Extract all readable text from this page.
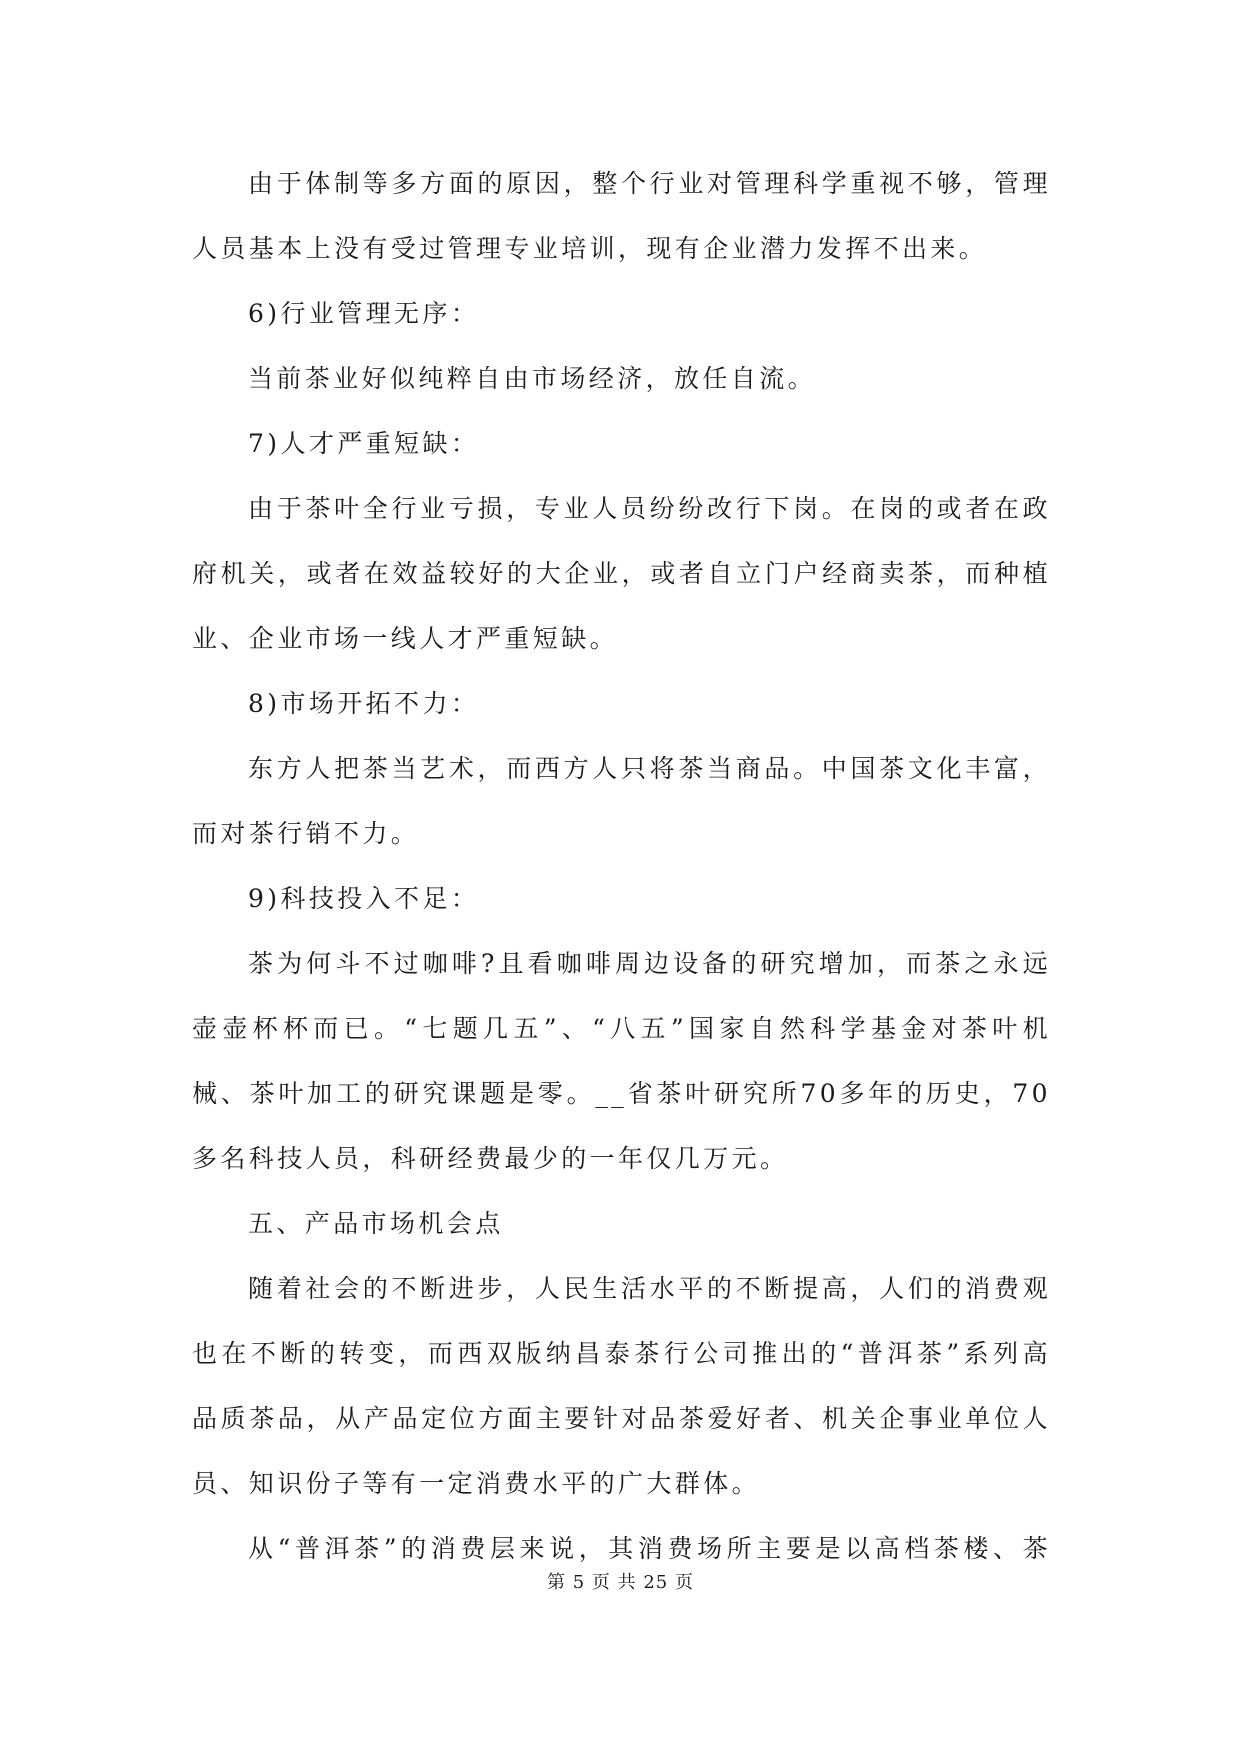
由于体制等多方面的原因，整个行业对管理科学重视不够，管理
人员基本上没有受过管理专业培训，现有企业潜力发挥不出来。
6)行业管理无序：
当前茶业好似纯粹自由市场经济，放任自流。
7)人才严重短缺：
由于茶叶全行业亏损，专业人员纷纷改行下岗。在岗的或者在政
府机关，或者在效益较好的大企业，或者自立门户经商卖茶，而种植
业、企业市场一线人才严重短缺。
8)市场开拓不力：
东方人把茶当艺术，而西方人只将茶当商品。中国茶文化丰富，
而对茶行销不力。
9)科技投入不足：
茶为何斗不过咖啡?且看咖啡周边设备的研究增加，而茶之永远
壶壶杯杯而已。“七题几五”、“八五”国家自然科学基金对茶叶机
械、茶叶加工的研究课题是零。__省茶叶研究所70多年的历史，70
多名科技人员，科研经费最少的一年仅几万元。
五、产品市场机会点
随着社会的不断进步，人民生活水平的不断提高，人们的消费观
也在不断的转变，而西双版纳昌泰茶行公司推出的“普洱茶”系列高
品质茶品，从产品定位方面主要针对品茶爱好者、机关企事业单位人
员、知识份子等有一定消费水平的广大群体。
从“普洱茶”的消费层来说，其消费场所主要是以高档茶楼、茶
第 5 页 共 25 页
